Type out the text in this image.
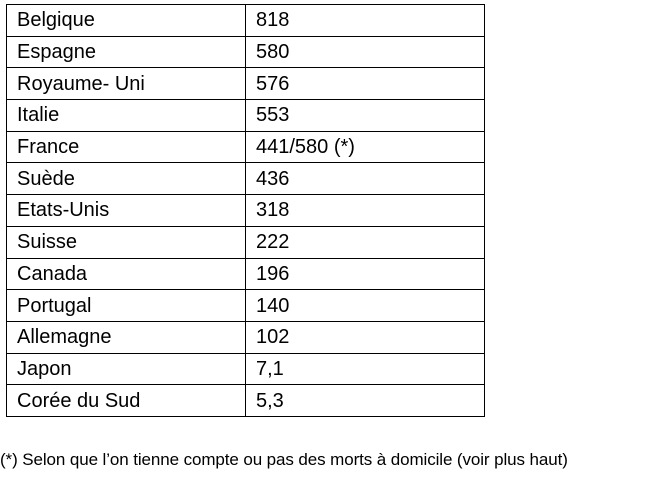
Belgique	818
Espagne	580
Royaume- Uni	576
Italie	553
France	441/580 (*)
Suède	436
Etats-Unis	318
Suisse	222
Canada	196
Portugal	140
Allemagne	102
Japon	7,1
Corée du Sud	5,3
(*) Selon que l’on tienne compte ou pas des morts à domicile (voir plus haut)
